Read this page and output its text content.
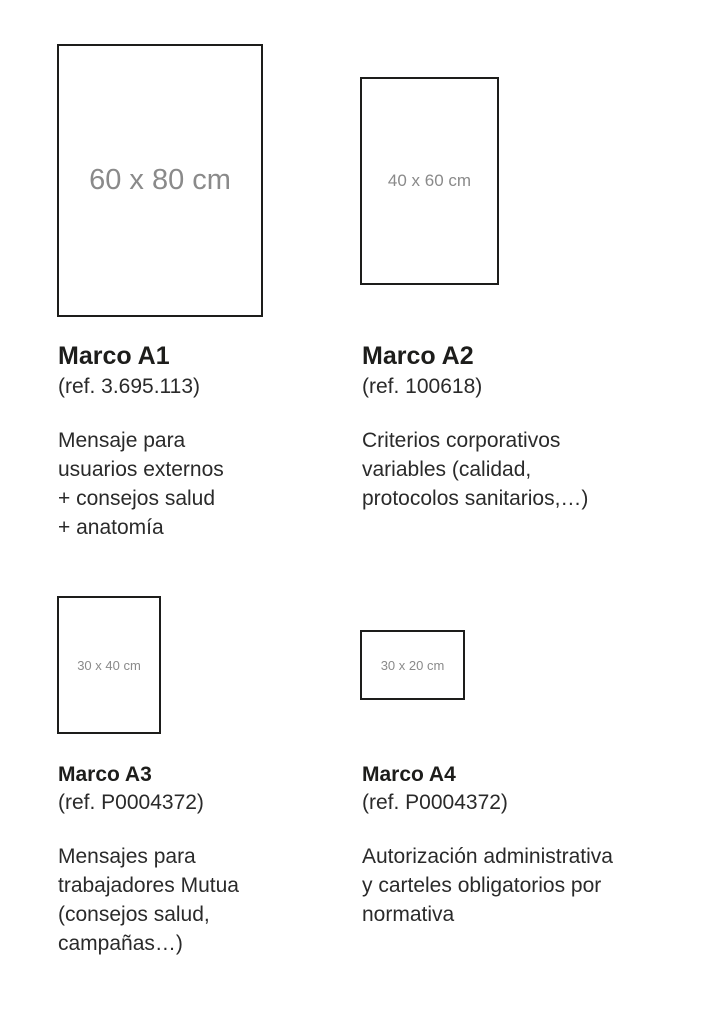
60 x 80 cm
Marco A1

(ref. 3.695.113)

Mensaje para
usuarios externos
+ consejos salud
+ anatomía

40 x 60 cm
Marco A2

(ref. 100618)

Criterios corporativos
variables (calidad,
protocolos sanitarios,…)

30 x 40 cm
Marco A3

(ref. P0004372)

Mensajes para
trabajadores Mutua
(consejos salud,
campañas…)

30 x 20 cm
Marco A4

(ref. P0004372)

Autorización administrativa
y carteles obligatorios por
normativa
